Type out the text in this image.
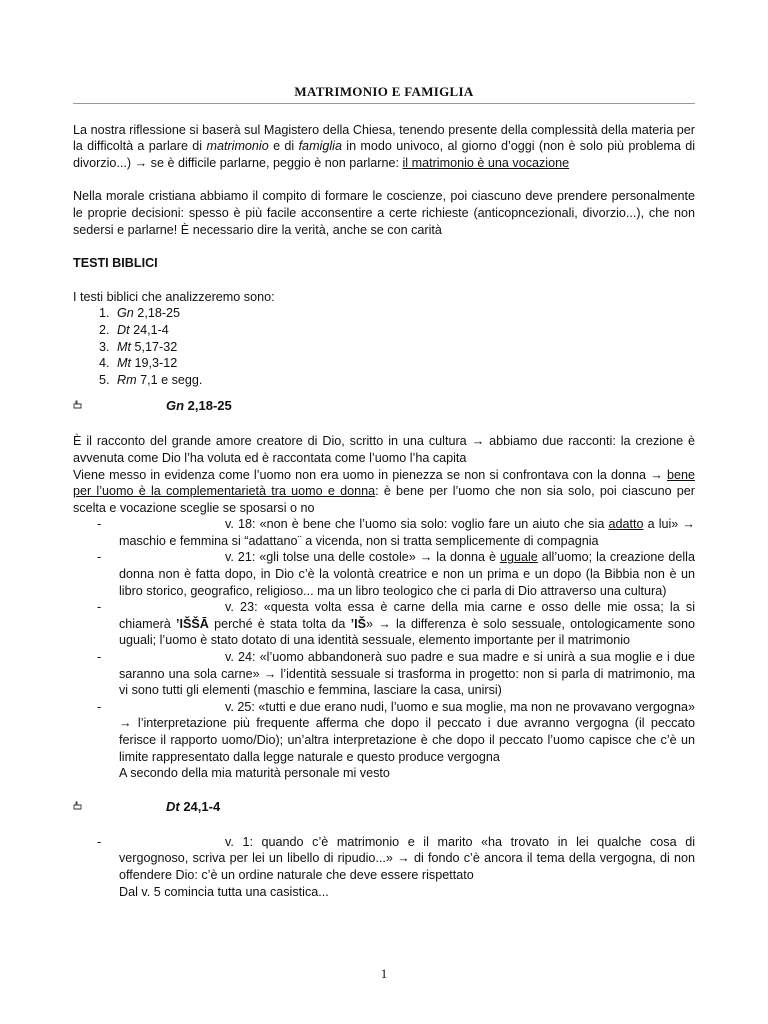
MATRIMONIO E FAMIGLIA

La nostra riflessione si baserà sul Magistero della Chiesa, tenendo presente della complessità della materia per la difficoltà a parlare di matrimonio e di famiglia in modo univoco, al giorno d’oggi (non è solo più problema di divorzio...) → se è difficile parlarne, peggio è non parlarne: il matrimonio è una vocazione

Nella morale cristiana abbiamo il compito di formare le coscienze, poi ciascuno deve prendere personalmente le proprie decisioni: spesso è più facile acconsentire a certe richieste (anticopncezionali, divorzio...), che non sedersi e parlarne! È necessario dire la verità, anche se con carità

TESTI BIBLICI

I testi biblici che analizzeremo sono:

1. Gn 2,18-25
2. Dt 24,1-4
3. Mt 5,17-32
4. Mt 19,3-12
5. Rm 7,1 e segg.
Gn 2,18-25

È il racconto del grande amore creatore di Dio, scritto in una cultura → abbiamo due racconti: la crezione è avvenuta come Dio l’ha voluta ed è raccontata come l’uomo l’ha capita

Viene messo in evidenza come l’uomo non era uomo in pienezza se non si confrontava con la donna → bene per l’uomo è la complementarietà tra uomo e donna: è bene per l’uomo che non sia solo, poi ciascuno per scelta e vocazione sceglie se sposarsi o no

-	v. 18: «non è bene che l’uomo sia solo: voglio fare un aiuto che sia adatto a lui» → maschio e femmina si “adattano¨ a vicenda, non si tratta semplicemente di compagnia
-	v. 21: «gli tolse una delle costole» → la donna è uguale all’uomo; la creazione della donna non è fatta dopo, in Dio c’è la volontà creatrice e non un prima e un dopo (la Bibbia non è un libro storico, geografico, religioso... ma un libro teologico che ci parla di Dio attraverso una cultura)
-	v. 23: «questa volta essa è carne della mia carne e osso delle mie ossa; la si chiamerà ’IŠŠĀ perché è stata tolta da ’IŠ» → la differenza è solo sessuale, ontologicamente sono uguali; l’uomo è stato dotato di una identità sessuale, elemento importante per il matrimonio
-	v. 24: «l’uomo abbandonerà suo padre e sua madre e si unirà a sua moglie e i due saranno una sola carne» → l’identità sessuale si trasforma in progetto: non si parla di matrimonio, ma vi sono tutti gli elementi (maschio e femmina, lasciare la casa, unirsi)
-	v. 25: «tutti e due erano nudi, l’uomo e sua moglie, ma non ne provavano vergogna» → l’interpretazione più frequente afferma che dopo il peccato i due avranno vergogna (il peccato ferisce il rapporto uomo/Dio); un’altra interpretazione è che dopo il peccato l’uomo capisce che c’è un limite rappresentato dalla legge naturale e questo produce vergogna

A secondo della mia maturità personale mi vesto

Dt 24,1-4
-	v. 1: quando c’è matrimonio e il marito «ha trovato in lei qualche cosa di vergognoso, scriva per lei un libello di ripudio...» → di fondo c’è ancora il tema della vergogna, di non offendere Dio: c’è un ordine naturale che deve essere rispettato

Dal v. 5 comincia tutta una casistica...

1
